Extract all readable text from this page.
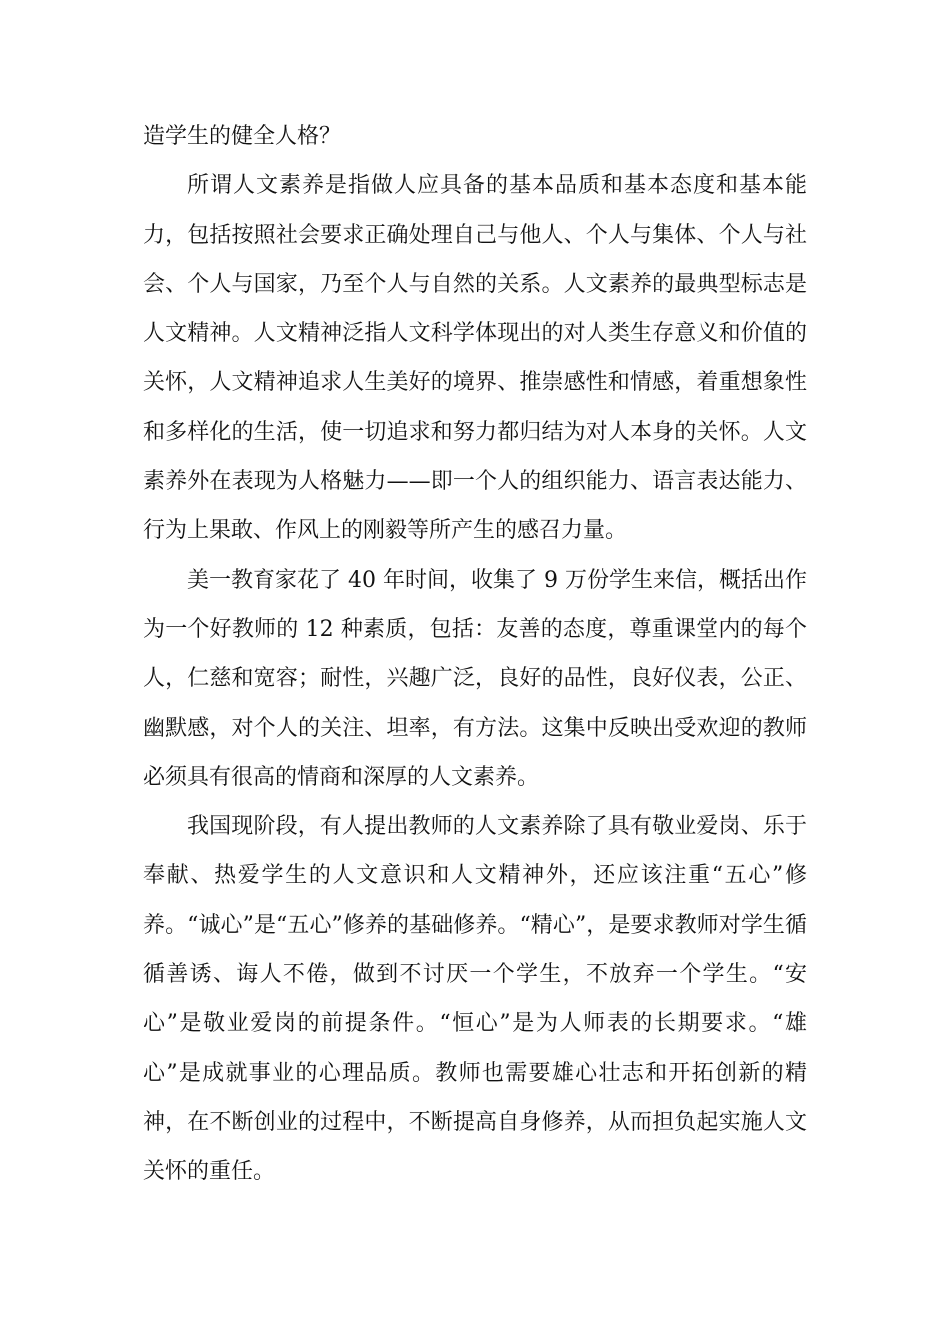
造学生的健全人格？

所谓人文素养是指做人应具备的基本品质和基本态度和基本能力，包括按照社会要求正确处理自己与他人、个人与集体、个人与社会、个人与国家，乃至个人与自然的关系。人文素养的最典型标志是人文精神。人文精神泛指人文科学体现出的对人类生存意义和价值的关怀，人文精神追求人生美好的境界、推崇感性和情感，着重想象性和多样化的生活，使一切追求和努力都归结为对人本身的关怀。人文素养外在表现为人格魅力——即一个人的组织能力、语言表达能力、行为上果敢、作风上的刚毅等所产生的感召力量。

美一教育家花了 40 年时间，收集了 9 万份学生来信，概括出作为一个好教师的 12 种素质，包括：友善的态度，尊重课堂内的每个人，仁慈和宽容；耐性，兴趣广泛，良好的品性，良好仪表，公正、幽默感，对个人的关注、坦率，有方法。这集中反映出受欢迎的教师必须具有很高的情商和深厚的人文素养。

我国现阶段，有人提出教师的人文素养除了具有敬业爱岗、乐于奉献、热爱学生的人文意识和人文精神外，还应该注重“五心”修养。“诚心”是“五心”修养的基础修养。“精心”，是要求教师对学生循循善诱、诲人不倦，做到不讨厌一个学生，不放弃一个学生。“安心”是敬业爱岗的前提条件。“恒心”是为人师表的长期要求。“雄心”是成就事业的心理品质。教师也需要雄心壮志和开拓创新的精神，在不断创业的过程中，不断提高自身修养，从而担负起实施人文关怀的重任。
